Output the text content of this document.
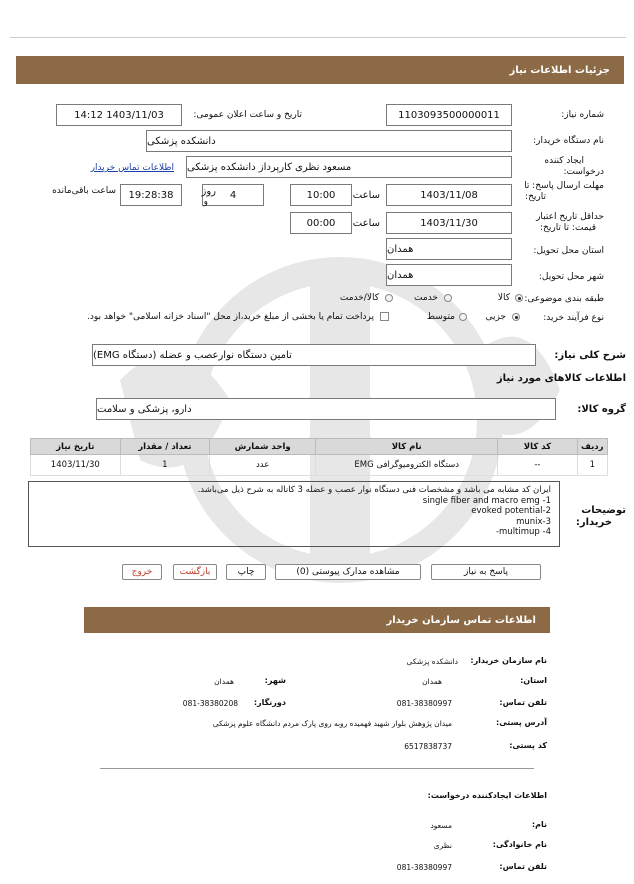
جزئیات اطلاعات نیاز
شماره نیاز:
1103093500000011
تاریخ و ساعت اعلان عمومی:
1403/11/03 14:12
نام دستگاه خریدار:
دانشکده پزشکی
ایجاد کننده
درخواست:
مسعود نظری کارپرداز دانشکده پزشکی
اطلاعات تماس خریدار
مهلت ارسال پاسخ: تا
تاریخ:
1403/11/08
ساعت
10:00
4
روز
و
19:28:38
ساعت باقی‌مانده
حداقل تاریخ اعتبار
قیمت: تا تاریخ:
1403/11/30
ساعت
00:00
استان محل تحویل:
همدان
شهر محل تحویل:
همدان
طبقه بندی موضوعی:
کالا
خدمت
کالا/خدمت
نوع فرآیند خرید:
جزیی
متوسط
پرداخت تمام یا بخشی از مبلغ خرید،از محل "اسناد خزانه اسلامی" خواهد بود.
شرح کلی نیاز:
تامین دستگاه نوارعصب و عضله (دستگاه EMG)
اطلاعات کالاهای مورد نیاز
گروه کالا:
دارو، پزشکی و سلامت
ردیف	کد کالا	نام کالا	واحد شمارش	تعداد / مقدار	تاریخ نیاز
1	--	دستگاه الکترومیوگرافی EMG	عدد	1	1403/11/30
توضیحات
خریدار:
ایران کد مشابه می باشد و مشخصات فنی دستگاه نوار عصب و عضله 3 کاناله به شرح ذیل می‌باشد.
single fiber and macro emg -1
evoked potential-2
munix-3
multimup -4-
پاسخ به نیاز
مشاهده مدارک پیوستی (0)
چاپ
بازگشت
خروج
اطلاعات تماس سازمان خریدار
نام سازمان خریدار:
دانشکده پزشکی
استان:
همدان
شهر:
همدان
تلفن تماس:
081-38380997
دورنگار:
081-38380208
آدرس پستی:
میدان پژوهش بلوار شهید فهمیده روبه روی پارک مردم دانشگاه علوم پزشکی
کد پستی:
6517838737
اطلاعات ایجادکننده درخواست:
نام:
مسعود
نام خانوادگی:
نظری
تلفن تماس:
081-38380997
